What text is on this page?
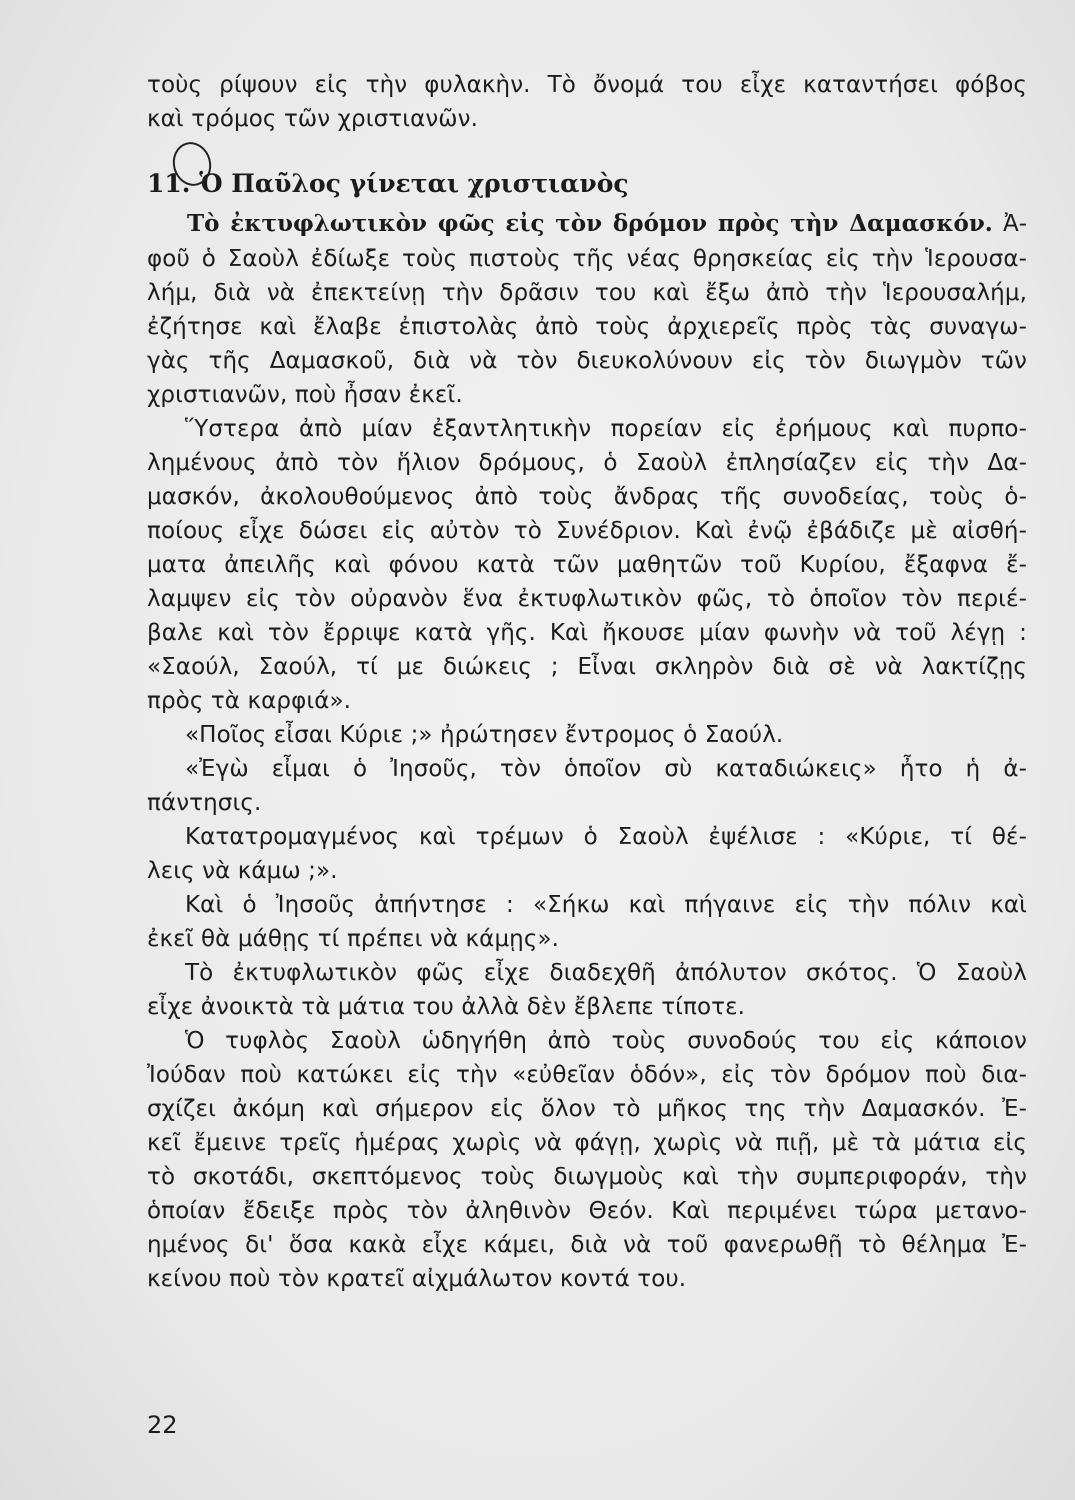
τοὺς ρίψουν εἰς τὴν φυλακὴν. Τὸ ὄνομά του εἶχε καταντήσει φόβος
καὶ τρόμος τῶν χριστιανῶν.
11. Ὁ Παῦλος γίνεται χριστιανὸς
Τὸ ἐκτυφλωτικὸν φῶς εἰς τὸν δρόμον πρὸς τὴν Δαμασκόν. Ἀ-
φοῦ ὁ Σαοὺλ ἐδίωξε τοὺς πιστοὺς τῆς νέας θρησκείας εἰς τὴν Ἱερουσα-
λήμ, διὰ νὰ ἐπεκτείνῃ τὴν δρᾶσιν του καὶ ἔξω ἀπὸ τὴν Ἱερουσαλήμ,
ἐζήτησε καὶ ἔλαβε ἐπιστολὰς ἀπὸ τοὺς ἀρχιερεῖς πρὸς τὰς συναγω-
γὰς τῆς Δαμασκοῦ, διὰ νὰ τὸν διευκολύνουν εἰς τὸν διωγμὸν τῶν
χριστιανῶν, ποὺ ἦσαν ἐκεῖ.
Ὕστερα ἀπὸ μίαν ἐξαντλητικὴν πορείαν εἰς ἐρήμους καὶ πυρπο-
λημένους ἀπὸ τὸν ἥλιον δρόμους, ὁ Σαοὺλ ἐπλησίαζεν εἰς τὴν Δα-
μασκόν, ἀκολουθούμενος ἀπὸ τοὺς ἄνδρας τῆς συνοδείας, τοὺς ὁ-
ποίους εἶχε δώσει εἰς αὐτὸν τὸ Συνέδριον. Καὶ ἐνῷ ἐβάδιζε μὲ αἰσθή-
ματα ἀπειλῆς καὶ φόνου κατὰ τῶν μαθητῶν τοῦ Κυρίου, ἔξαφνα ἔ-
λαμψεν εἰς τὸν οὐρανὸν ἕνα ἐκτυφλωτικὸν φῶς, τὸ ὁποῖον τὸν περιέ-
βαλε καὶ τὸν ἔρριψε κατὰ γῆς. Καὶ ἤκουσε μίαν φωνὴν νὰ τοῦ λέγῃ :
«Σαούλ, Σαούλ, τί με διώκεις ; Εἶναι σκληρὸν διὰ σὲ νὰ λακτίζῃς
πρὸς τὰ καρφιά».
«Ποῖος εἶσαι Κύριε ;» ἠρώτησεν ἔντρομος ὁ Σαούλ.
«Ἐγὼ εἶμαι ὁ Ἰησοῦς, τὸν ὁποῖον σὺ καταδιώκεις» ἦτο ἡ ἀ-
πάντησις.
Κατατρομαγμένος καὶ τρέμων ὁ Σαοὺλ ἐψέλισε : «Κύριε, τί θέ-
λεις νὰ κάμω ;».
Καὶ ὁ Ἰησοῦς ἀπήντησε : «Σήκω καὶ πήγαινε εἰς τὴν πόλιν καὶ
ἐκεῖ θὰ μάθῃς τί πρέπει νὰ κάμῃς».
Τὸ ἐκτυφλωτικὸν φῶς εἶχε διαδεχθῆ ἀπόλυτον σκότος. Ὁ Σαοὺλ
εἶχε ἀνοικτὰ τὰ μάτια του ἀλλὰ δὲν ἔβλεπε τίποτε.
Ὁ τυφλὸς Σαοὺλ ὡδηγήθη ἀπὸ τοὺς συνοδούς του εἰς κάποιον
Ἰούδαν ποὺ κατώκει εἰς τὴν «εὐθεῖαν ὁδόν», εἰς τὸν δρόμον ποὺ δια-
σχίζει ἀκόμη καὶ σήμερον εἰς ὅλον τὸ μῆκος της τὴν Δαμασκόν. Ἐ-
κεῖ ἔμεινε τρεῖς ἡμέρας χωρὶς νὰ φάγῃ, χωρὶς νὰ πιῇ, μὲ τὰ μάτια εἰς
τὸ σκοτάδι, σκεπτόμενος τοὺς διωγμοὺς καὶ τὴν συμπεριφοράν, τὴν
ὁποίαν ἔδειξε πρὸς τὸν ἀληθινὸν Θεόν. Καὶ περιμένει τώρα μετανο-
ημένος δι' ὅσα κακὰ εἶχε κάμει, διὰ νὰ τοῦ φανερωθῇ τὸ θέλημα Ἐ-
κείνου ποὺ τὸν κρατεῖ αἰχμάλωτον κοντά του.
22
